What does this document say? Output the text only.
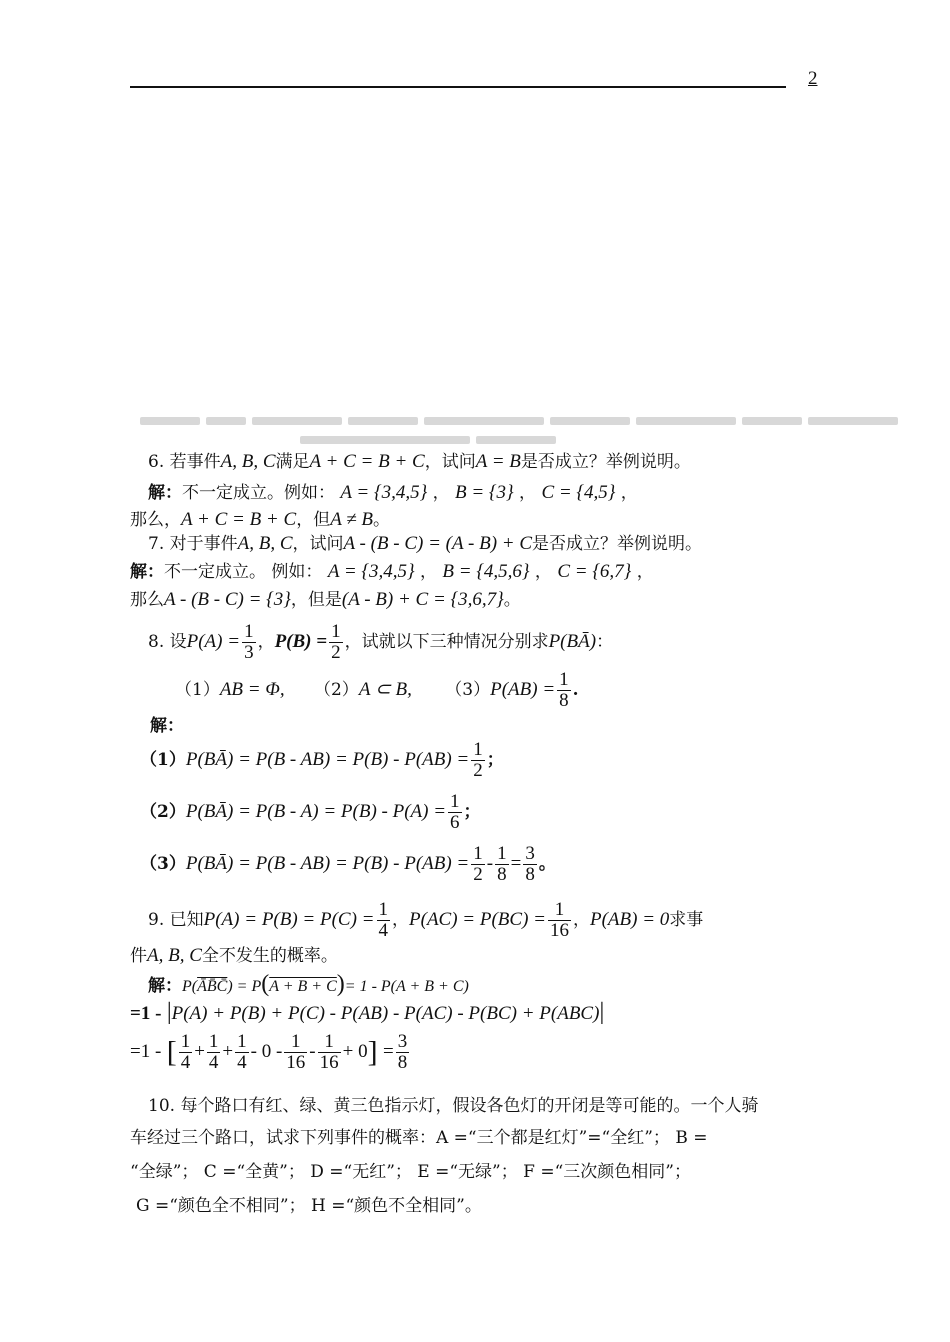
2

6. 若事件A, B, C满足A + C = B + C，试问A = B是否成立？举例说明。
解：不一定成立。例如： A = {3,4,5} ， B = {3} ， C = {4,5} ，
那么，A + C = B + C，但A ≠ B。
7. 对于事件A, B, C，试问A - (B - C) = (A - B) + C是否成立？举例说明。
解：不一定成立。 例如： A = {3,4,5} ， B = {4,5,6} ， C = {6,7} ，
那么A - (B - C) = {3}，但是(A - B) + C = {3,6,7}。
8. 设$P(A) = \frac{1}{3}$ ，$P(B) = \frac{1}{2}$ ，试就以下三种情况分别求P(BĀ)：
（1）AB = Φ, （2）A ⊂ B, $(3)P(AB) = \frac{1}{8}$ .
解：
（1）P(BĀ) = $P(B - AB) = P(B) - P(AB) = \frac{1}{2}$ ；
（2）P(BĀ) = $P(B - A) = P(B) - P(A) = \frac{1}{6}$ ；
（3）P(BĀ) = $P(B - AB) = P(B) - P(AB) = \frac{1}{2} - \frac{1}{8} = \frac{3}{8}$ 。
9. 已知$P(A) = P(B) = P(C) = \frac{1}{4}$ ，$P(AC) = P(BC) = \frac{1}{16}$ ，P(AB) = 0求事
件A, B, C全不发生的概率。
解：P(ĀB̄C̄) = P(A + B + C)= 1 - P(A + B + C)
=1 - |P(A) + P(B) + P(C) - P(AB) - P(AC) - P(BC) + P(ABC)|
=1 - [ $\frac{1}{4} + \frac{1}{4} + \frac{1}{4} - 0 - \frac{1}{16} - \frac{1}{16} + 0] = \frac{3}{8}$
10. 每个路口有红、绿、黄三色指示灯，假设各色灯的开闭是等可能的。一个人骑
车经过三个路口，试求下列事件的概率：A =“三个都是红灯”=“全红”； B =
“全绿”； C =“全黄”； D =“无红”； E =“无绿”； F =“三次颜色相同”；
G =“颜色全不相同”； H =“颜色不全相同”。
